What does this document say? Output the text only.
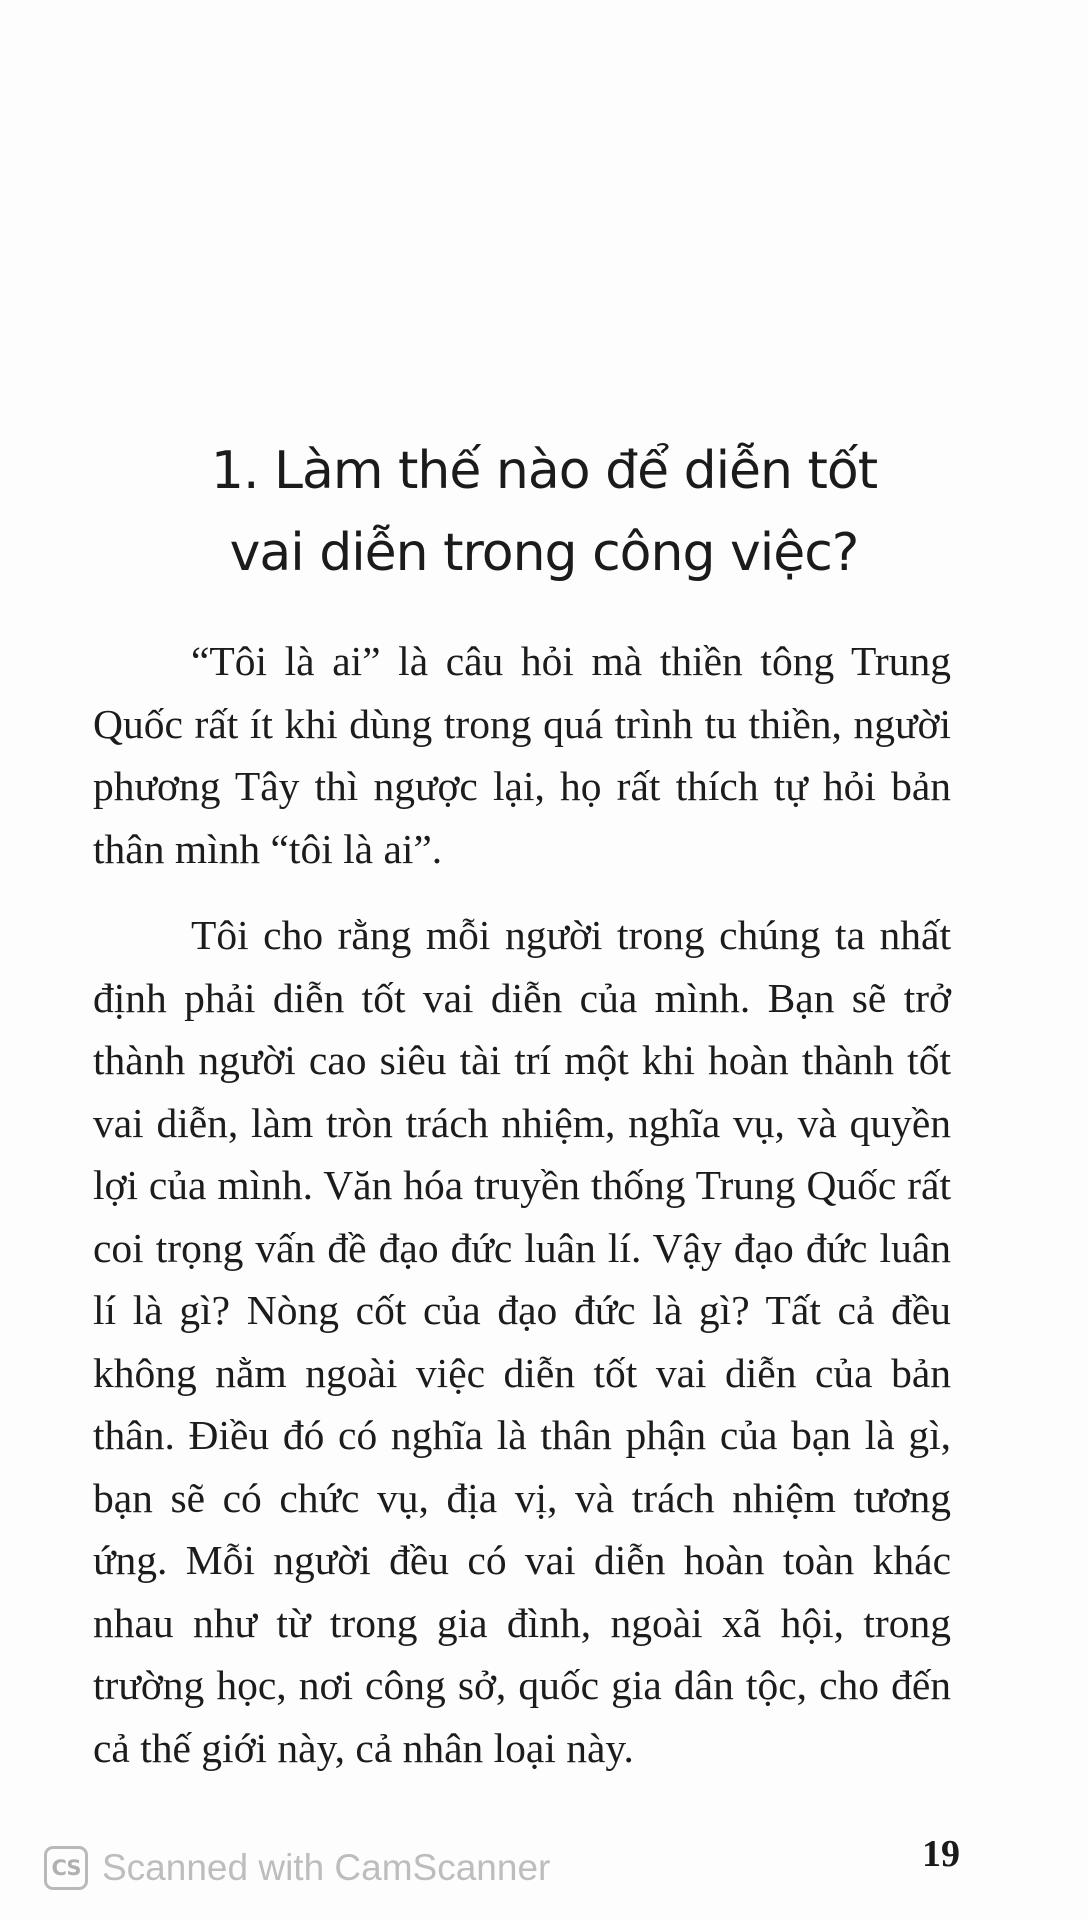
1. Làm thế nào để diễn tốt
vai diễn trong công việc?

“Tôi là ai” là câu hỏi mà thiền tông Trung Quốc rất ít khi dùng trong quá trình tu thiền, người phương Tây thì ngược lại, họ rất thích tự hỏi bản thân mình “tôi là ai”.

Tôi cho rằng mỗi người trong chúng ta nhất định phải diễn tốt vai diễn của mình. Bạn sẽ trở thành người cao siêu tài trí một khi hoàn thành tốt vai diễn, làm tròn trách nhiệm, nghĩa vụ, và quyền lợi của mình. Văn hóa truyền thống Trung Quốc rất coi trọng vấn đề đạo đức luân lí. Vậy đạo đức luân lí là gì? Nòng cốt của đạo đức là gì? Tất cả đều không nằm ngoài việc diễn tốt vai diễn của bản thân. Điều đó có nghĩa là thân phận của bạn là gì, bạn sẽ có chức vụ, địa vị, và trách nhiệm tương ứng. Mỗi người đều có vai diễn hoàn toàn khác nhau như từ trong gia đình, ngoài xã hội, trong trường học, nơi công sở, quốc gia dân tộc, cho đến cả thế giới này, cả nhân loại này.

CS Scanned with CamScanner	19
